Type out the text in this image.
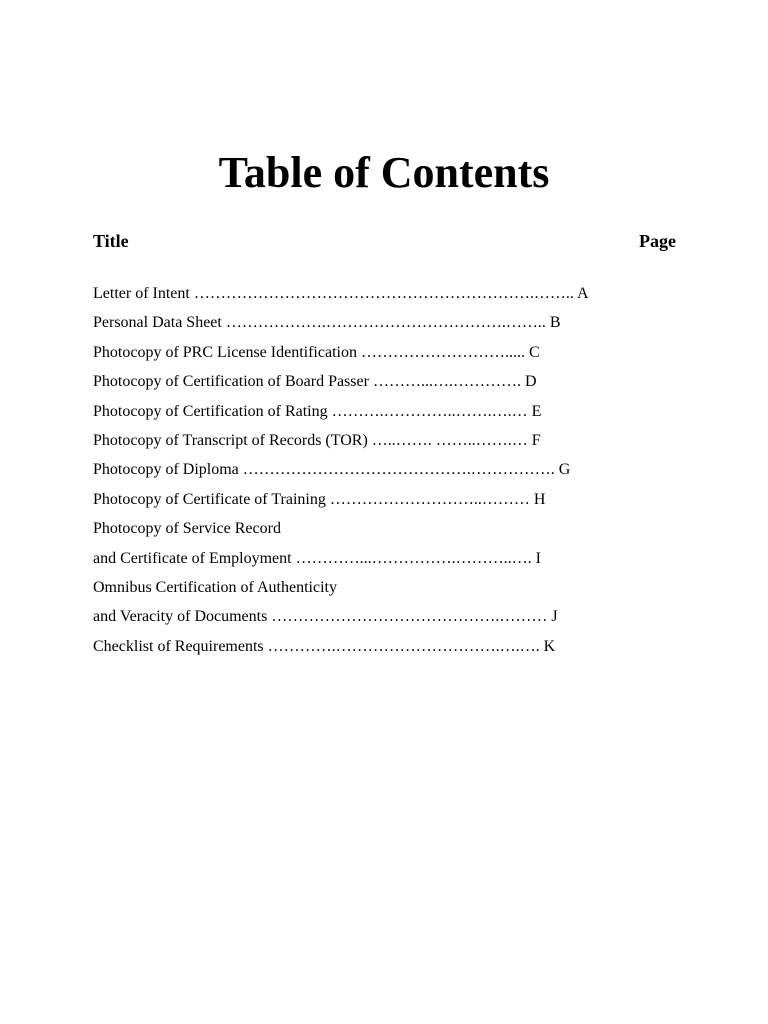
Table of Contents
Title	Page
Letter of Intent ……………………………………………………….…….. A
Personal Data Sheet ……………….…………………………….…….. B
Photocopy of PRC License Identification ………………………..... C
Photocopy of Certification of Board Passer ………...….…………. D
Photocopy of Certification of Rating ……….…………..…….….… E
Photocopy of Transcript of Records (TOR) …..……. ……..…….… F
Photocopy of Diploma …………………………………….……………. G
Photocopy of Certificate of Training ………………………..……… H
Photocopy of Service Record
and Certificate of Employment …………...…………….………..…. I
Omnibus Certification of Authenticity
and Veracity of Documents …………………………………….……… J
Checklist of Requirements ………….………………………….….…. K
